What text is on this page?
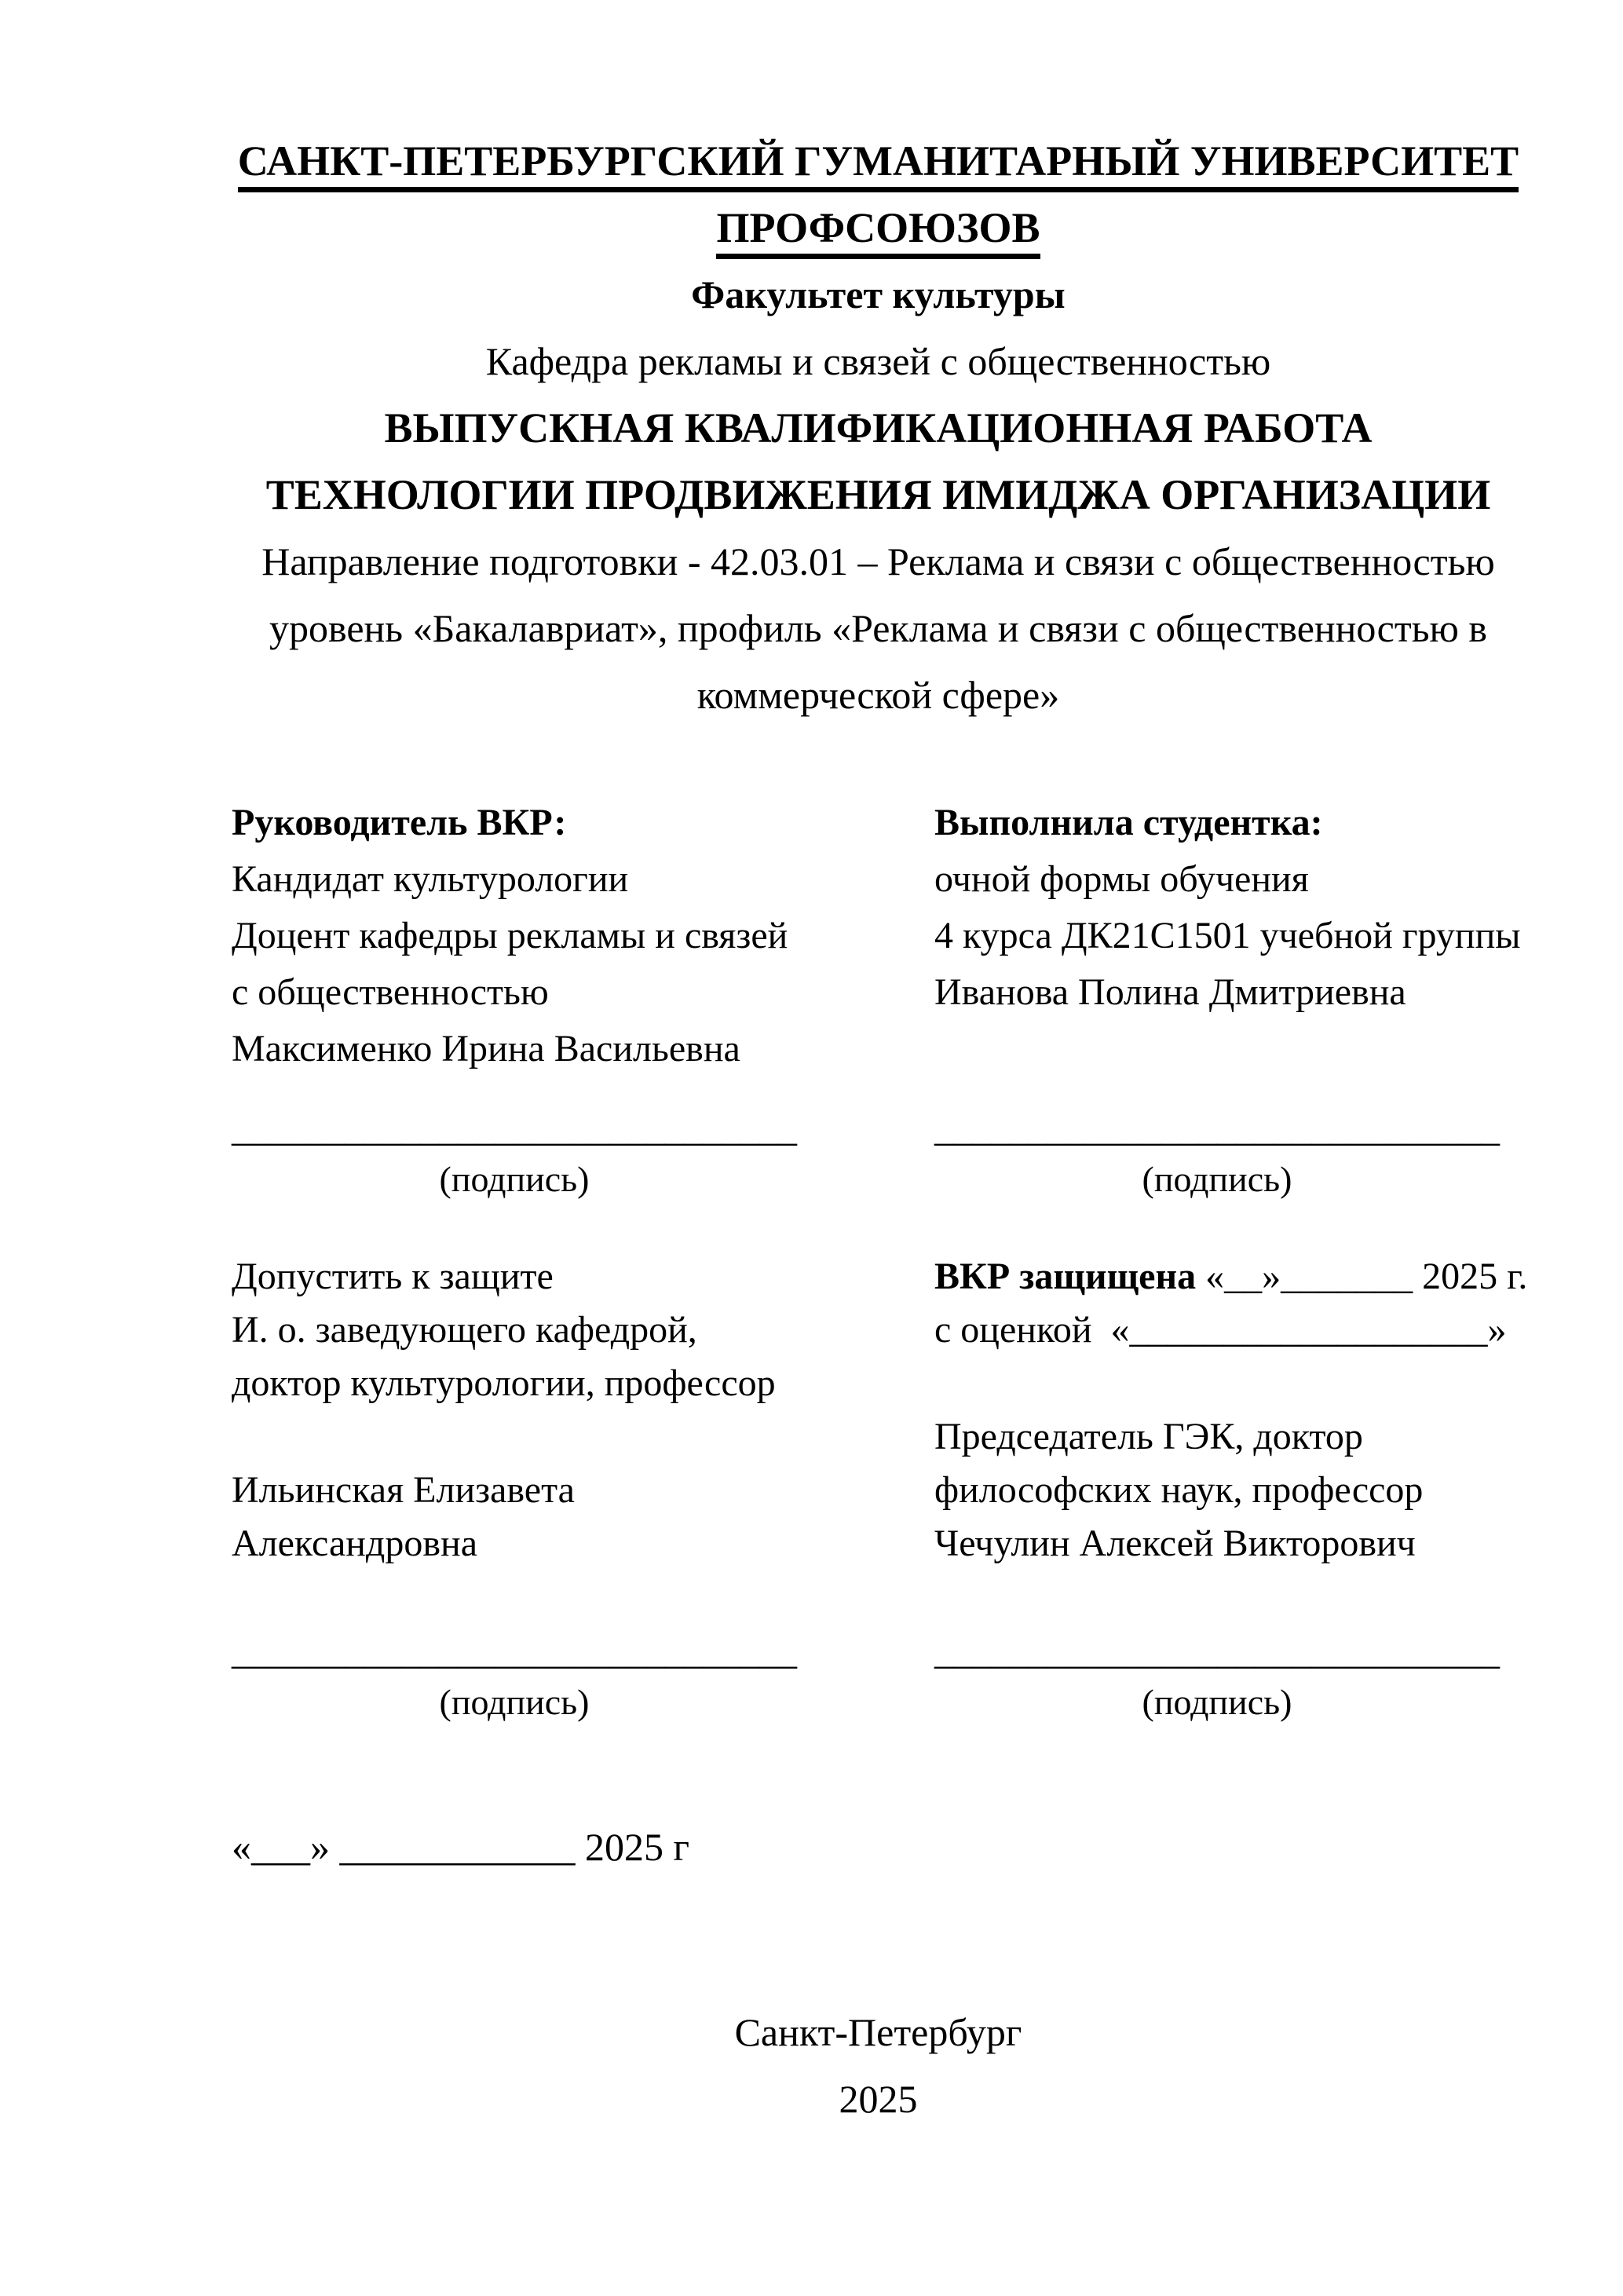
САНКТ-ПЕТЕРБУРГСКИЙ ГУМАНИТАРНЫЙ УНИВЕРСИТЕТ
ПРОФСОЮЗОВ
Факультет культуры
Кафедра рекламы и связей с общественностью
ВЫПУСКНАЯ КВАЛИФИКАЦИОННАЯ РАБОТА
ТЕХНОЛОГИИ ПРОДВИЖЕНИЯ ИМИДЖА ОРГАНИЗАЦИИ
Направление подготовки - 42.03.01 – Реклама и связи с общественностью
уровень «Бакалавриат», профиль «Реклама и связи с общественностью в
коммерческой сфере»
Руководитель ВКР:
Кандидат культурологии
Доцент кафедры рекламы и связей
с общественностью
Максименко Ирина Васильевна
Выполнила студентка:
очной формы обучения
4 курса ДК21С1501 учебной группы
Иванова Полина Дмитриевна
______________________________
(подпись)
______________________________
(подпись)
Допустить к защите
И. о. заведующего кафедрой,
доктор культурологии, профессор
Ильинская Елизавета
Александровна
ВКР защищена «__»_______ 2025 г.
с оценкой  «___________________»
Председатель ГЭК, доктор
философских наук, профессор
Чечулин Алексей Викторович
______________________________
(подпись)
______________________________
(подпись)
«___» ____________ 2025 г
Санкт-Петербург
2025
